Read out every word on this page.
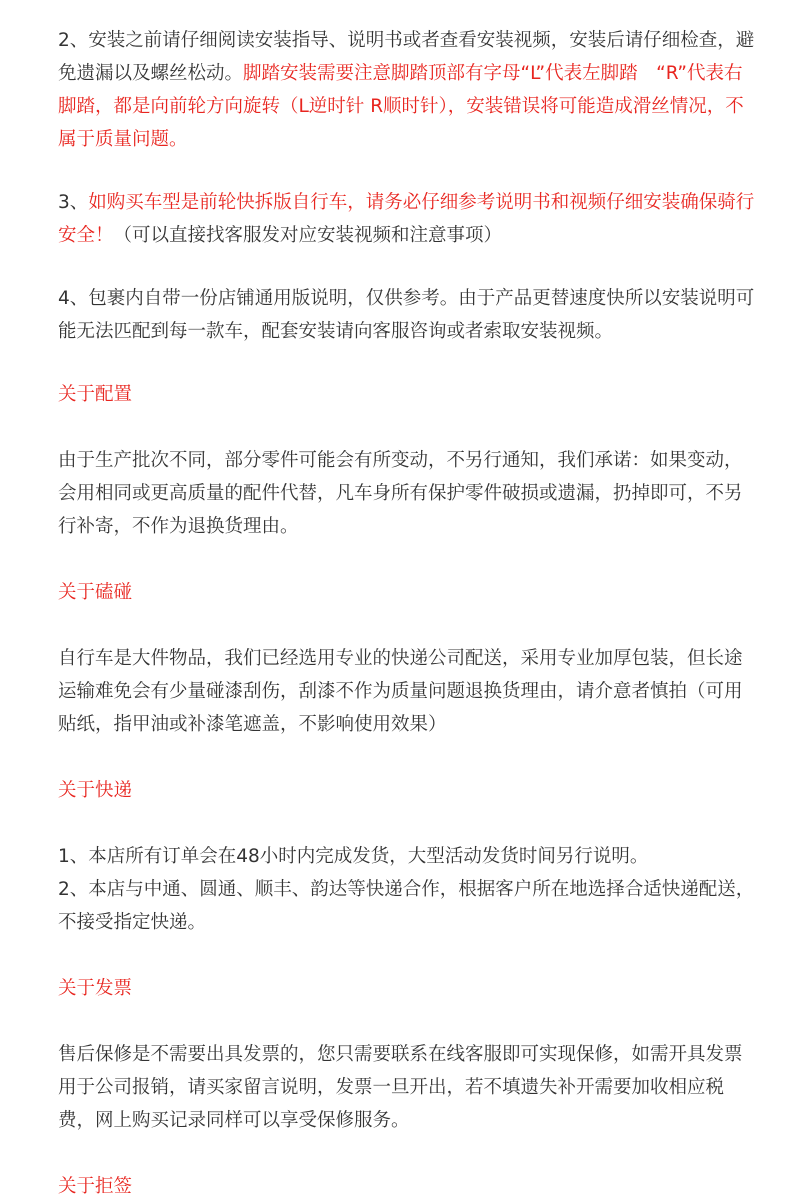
2、安装之前请仔细阅读安装指导、说明书或者查看安装视频，安装后请仔细检查，避免遗漏以及螺丝松动。脚踏安装需要注意脚踏顶部有字母“L”代表左脚踏　“R”代表右脚踏，都是向前轮方向旋转（L逆时针 R顺时针），安装错误将可能造成滑丝情况，不属于质量问题。

3、如购买车型是前轮快拆版自行车，请务必仔细参考说明书和视频仔细安装确保骑行安全！（可以直接找客服发对应安装视频和注意事项）

4、包裹内自带一份店铺通用版说明，仅供参考。由于产品更替速度快所以安装说明可能无法匹配到每一款车，配套安装请向客服咨询或者索取安装视频。

关于配置

由于生产批次不同，部分零件可能会有所变动，不另行通知，我们承诺：如果变动，会用相同或更高质量的配件代替，凡车身所有保护零件破损或遗漏，扔掉即可，不另行补寄，不作为退换货理由。

关于磕碰

自行车是大件物品，我们已经选用专业的快递公司配送，采用专业加厚包装，但长途运输难免会有少量碰漆刮伤，刮漆不作为质量问题退换货理由，请介意者慎拍（可用贴纸，指甲油或补漆笔遮盖，不影响使用效果）

关于快递

1、本店所有订单会在48小时内完成发货，大型活动发货时间另行说明。

2、本店与中通、圆通、顺丰、韵达等快递合作，根据客户所在地选择合适快递配送，不接受指定快递。

关于发票

售后保修是不需要出具发票的，您只需要联系在线客服即可实现保修，如需开具发票用于公司报销，请买家留言说明，发票一旦开出，若不填遗失补开需要加收相应税费，网上购买记录同样可以享受保修服务。

关于拒签
